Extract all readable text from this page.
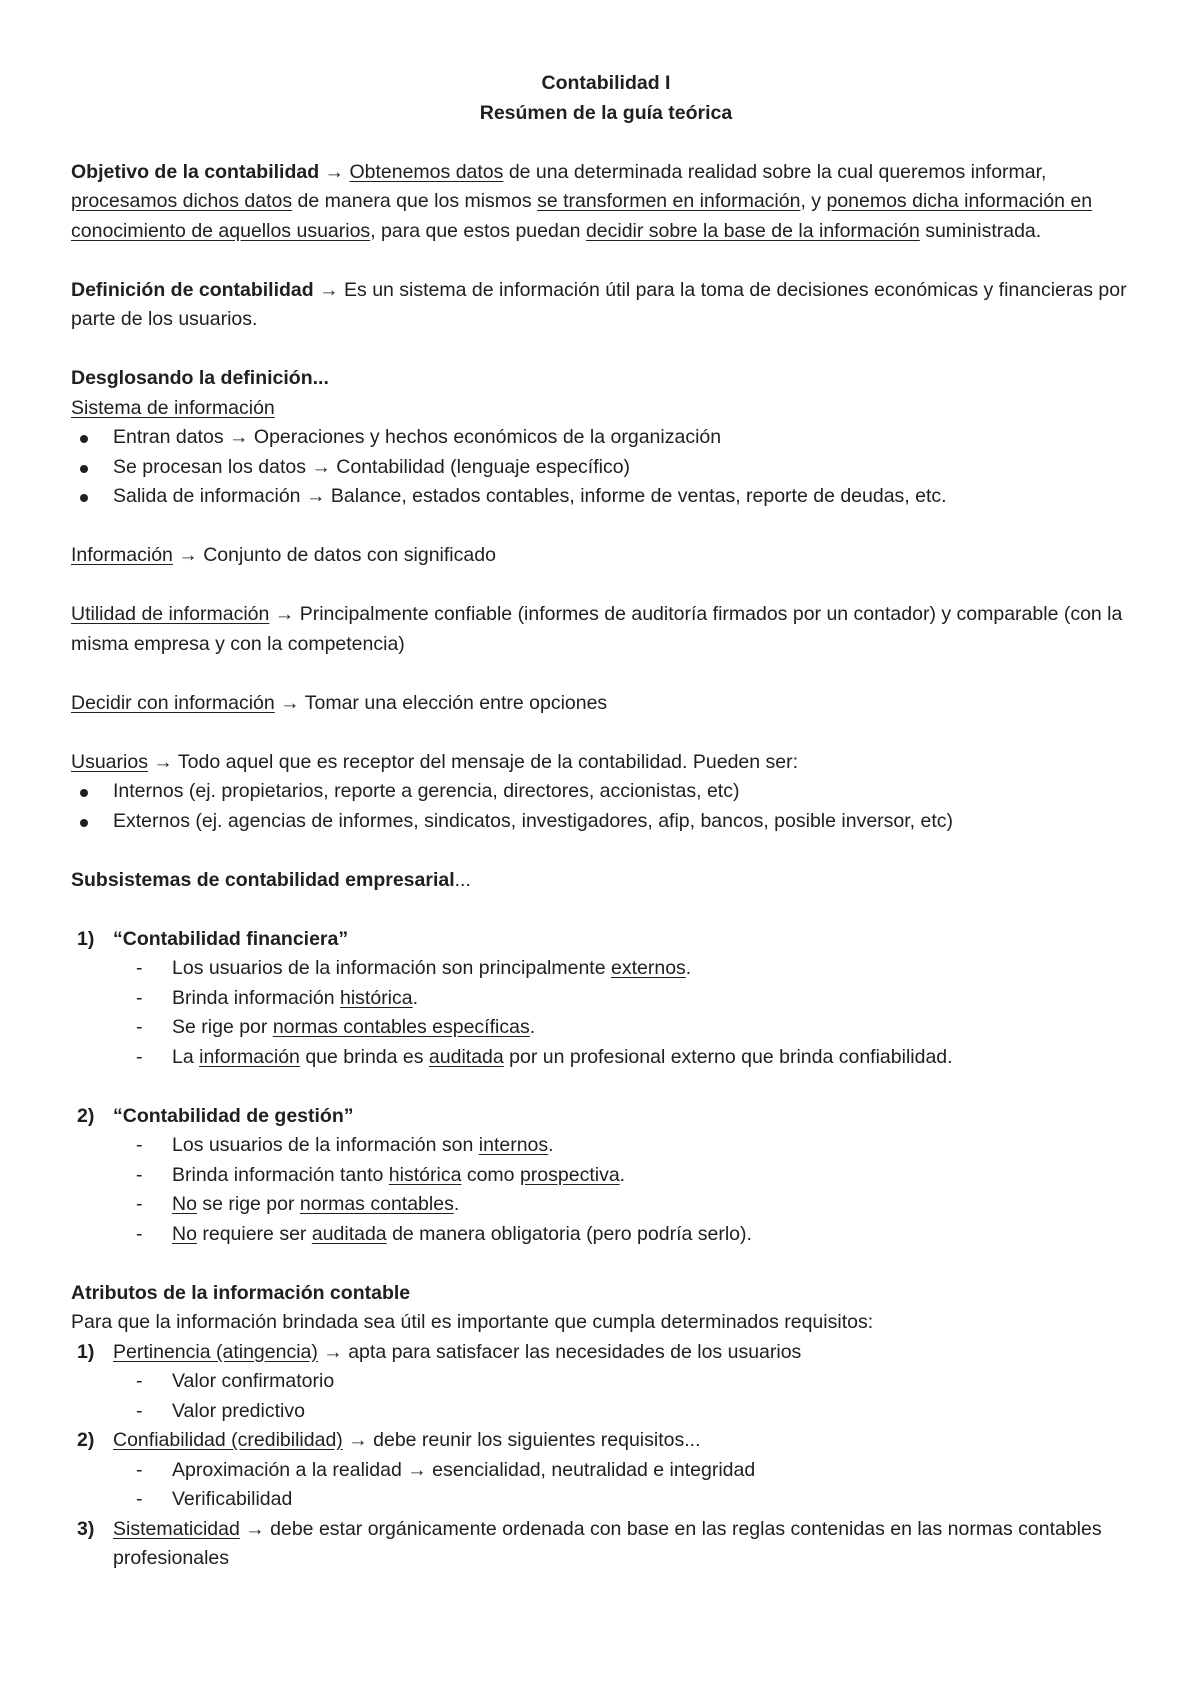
Contabilidad I

Resúmen de la guía teórica

Objetivo de la contabilidad → Obtenemos datos de una determinada realidad sobre la cual queremos informar, procesamos dichos datos de manera que los mismos se transformen en información, y ponemos dicha información en conocimiento de aquellos usuarios, para que estos puedan decidir sobre la base de la información suministrada.

Definición de contabilidad → Es un sistema de información útil para la toma de decisiones económicas y financieras por parte de los usuarios.

Desglosando la definición...

Sistema de información

Entran datos → Operaciones y hechos económicos de la organización
Se procesan los datos → Contabilidad (lenguaje específico)
Salida de información → Balance, estados contables, informe de ventas, reporte de deudas, etc.

Información → Conjunto de datos con significado

Utilidad de información → Principalmente confiable (informes de auditoría firmados por un contador) y comparable (con la misma empresa y con la competencia)

Decidir con información → Tomar una elección entre opciones

Usuarios → Todo aquel que es receptor del mensaje de la contabilidad. Pueden ser:

Internos (ej. propietarios, reporte a gerencia, directores, accionistas, etc)
Externos (ej. agencias de informes, sindicatos, investigadores, afip, bancos, posible inversor, etc)

Subsistemas de contabilidad empresarial...

1) “Contabilidad financiera”

- Los usuarios de la información son principalmente externos.
- Brinda información histórica.
- Se rige por normas contables específicas.
- La información que brinda es auditada por un profesional externo que brinda confiabilidad.

2) “Contabilidad de gestión”

- Los usuarios de la información son internos.
- Brinda información tanto histórica como prospectiva.
- No se rige por normas contables.
- No requiere ser auditada de manera obligatoria (pero podría serlo).

Atributos de la información contable

Para que la información brindada sea útil es importante que cumpla determinados requisitos:

1) Pertinencia (atingencia) → apta para satisfacer las necesidades de los usuarios

- Valor confirmatorio
- Valor predictivo

2) Confiabilidad (credibilidad) → debe reunir los siguientes requisitos...

- Aproximación a la realidad → esencialidad, neutralidad e integridad
- Verificabilidad

3) Sistematicidad → debe estar orgánicamente ordenada con base en las reglas contenidas en las normas contables profesionales
